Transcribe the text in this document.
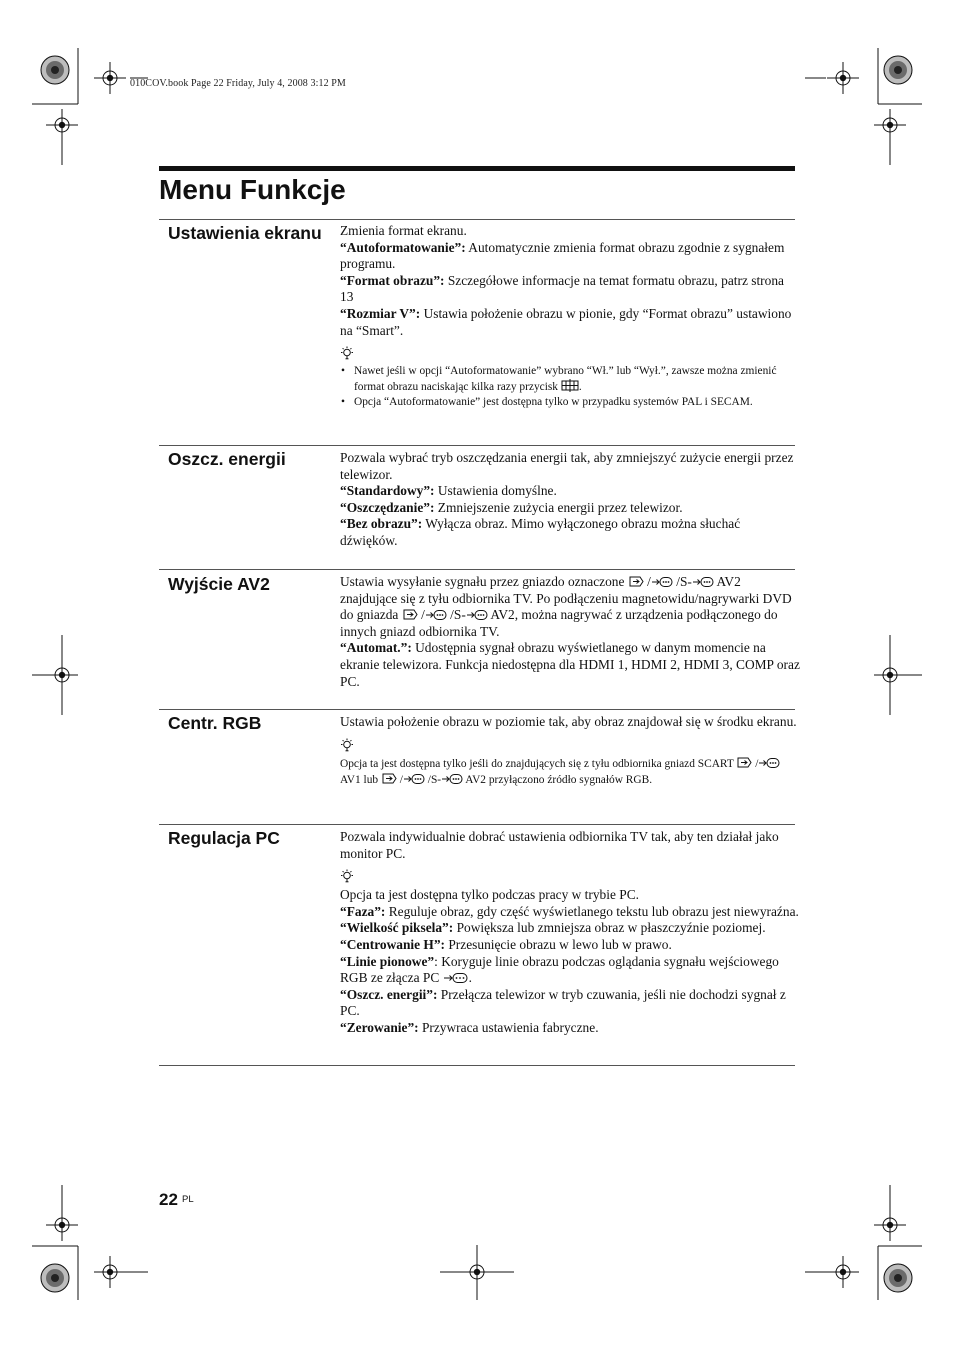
010COV.book Page 22 Friday, July 4, 2008 3:12 PM
Menu Funkcje
Ustawienia ekranu	Zmienia format ekranu.

“Autoformatowanie”: Automatycznie zmienia format obrazu zgodnie z sygnałem programu.

“Format obrazu”: Szczegółowe informacje na temat formatu obrazu, patrz strona 13

“Rozmiar V”: Ustawia położenie obrazu w pionie, gdy “Format obrazu” ustawiono na “Smart”.

• Nawet jeśli w opcji “Autoformatowanie” wybrano “Wł.” lub “Wył.”, zawsze można zmienić format obrazu naciskając kilka razy przycisk .
• Opcja “Autoformatowanie” jest dostępna tylko w przypadku systemów PAL i SECAM.
Oszcz. energii	Pozwala wybrać tryb oszczędzania energii tak, aby zmniejszyć zużycie energii przez telewizor.

“Standardowy”: Ustawienia domyślne.

“Oszczędzanie”: Zmniejszenie zużycia energii przez telewizor.

“Bez obrazu”: Wyłącza obraz. Mimo wyłączonego obrazu można słuchać dźwięków.

Wyjście AV2	Ustawia wysyłanie sygnału przez gniazdo oznaczone  / /S- AV2 znajdujące się z tyłu odbiornika TV. Po podłączeniu magnetowidu/nagrywarki DVD do gniazda  / /S- AV2, można nagrywać z urządzenia podłączonego do innych gniazd odbiornika TV.

“Automat.”: Udostępnia sygnał obrazu wyświetlanego w danym momencie na ekranie telewizora. Funkcja niedostępna dla HDMI 1, HDMI 2, HDMI 3, COMP oraz PC.

Centr. RGB	Ustawia położenie obrazu w poziomie tak, aby obraz znajdował się w środku ekranu.

Opcja ta jest dostępna tylko jeśli do znajdujących się z tyłu odbiornika gniazd SCART  / AV1 lub  / /S- AV2 przyłączono źródło sygnałów RGB.

Regulacja PC	Pozwala indywidualnie dobrać ustawienia odbiornika TV tak, aby ten działał jako monitor PC.

Opcja ta jest dostępna tylko podczas pracy w trybie PC.

“Faza”: Reguluje obraz, gdy część wyświetlanego tekstu lub obrazu jest niewyraźna.

“Wielkość piksela”: Powiększa lub zmniejsza obraz w płaszczyźnie poziomej.

“Centrowanie H”: Przesunięcie obrazu w lewo lub w prawo.

“Linie pionowe”: Koryguje linie obrazu podczas oglądania sygnału wejściowego RGB ze złącza PC .

“Oszcz. energii”: Przełącza telewizor w tryb czuwania, jeśli nie dochodzi sygnał z PC.

“Zerowanie”: Przywraca ustawienia fabryczne.

22 PL
